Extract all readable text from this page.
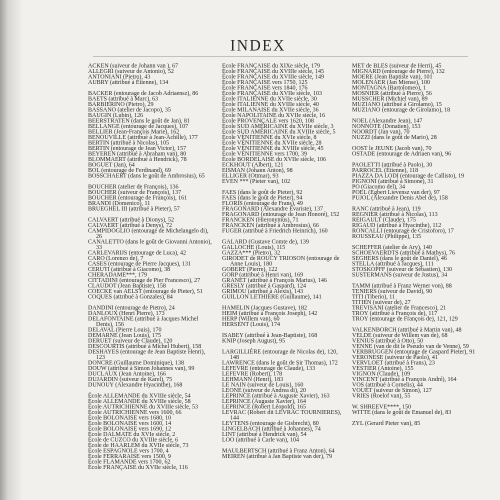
INDEX
ACKEN (suiveur de Johann van ), 67
ALLEGRI (suiveur de Antonio), 52
ANTONIANI (Pietro), 43
AUBRY (attribué à Étienne), 134
BACKER (entourage de Jacob Adriaensz), 86
BAETS (attribué à Marc), 63
BARBIERINO (Pietro), 29
BASSANO (atelier de Jacopo), 35
BAUGIN (Lubin), 126
BEERSTRATEN (dans le goût de Jan), 81
BELLANGE (entourage de Jacques), 107
BELLIER (Jean-François Marie), 162
BENOUVILLE (attribué à Jean-Achille), 177
BERTIN (attribué à Nicolas), 105
BERTIN (entourage de Jean Victor), 157
BEYEREN (attribué à Abraham van), 80
BLOMMAERT (attribué à Hendrick), 78
BOGUET (Jan), 64
BOL (entourage de Ferdinand), 69
BOSSCHAERT (dans le goût de Ambrosius), 65
BOUCHER (atelier de François), 136
BOUCHER (suiveur de François), 137
BOUCHER (entourage de François), 161
BRANDI (Domenico), 11
BRUEGHEL III (attribué à Pieter), 57
CALVAERT (attribué à Dionys), 52
CALVAERT (attribué à Denys), 72
CAMPIDOGLIO (entourage de Michelangelo di), 26
CANALETTO (dans le goût de Giovanni Antonio), 33
CARLEVARIJS (entourage de Luca), 42
CARO (Lorenzo de), 7
CASES (entourage de Pierre Jacques), 131
CERUTI (attribué à Giacomo), 38
CHERADAME***, 179
CITTADINI (entourage de Pier Francesco), 27
CLAUDOT (Jean Baptiste), 158
COECKE van AELST (entourage de Pieter), 51
COQUES (attribué à Gonzales), 84
DANDINI (entourage de Pietro), 24
DANLOUX (Henri Pierre), 173
DELAFONTAINE (attribué à Jacques Michel Denis), 156
DELAVAL (Pierre Louis), 170
DEMARNE (Jean Louis), 175
DERUET (suiveur de Claude), 120
DESCOURTIS (attribué à Michel Hubert), 158
DESHAYES (entourage de Jean Baptiste Henri), 123
DONCRE (Guillaume Dominique), 138
DOUW (attribué à Simon Johannes van), 99
DUCLAUX (Jean Antoine), 166
DUJARDIN (suiveur de Karel), 75
DUNOUY (Alexandre Hyacinthe), 168
École ALLEMANDE du XVIIIe siècle, 54
École ALLEMANDE du XVIIIe siècle, 58
École AUTRICHIENNE du XVIIIe siècle, 53
École AUTRICHIENNE vers 1600, 66
École BOLONAISE vers 1680, 10
École BOLONAISE vers 1600, 14
École BOLONAISE vers 1690, 12
École DALMATE du XVIe siècle, 2
École de CUZCO du XVIIIe siècle, 6
École de HAARLEM du XVIIe siècle, 73
École ESPAGNOLE vers 1700, 4
École FERRARAISE vers 1500, 9
École FLAMANDE vers 1700, 62
École FRANÇAISE du XVIIe siècle, 116
École FRANÇAISE du XIXe siècle, 179
École FRANÇAISE du XVIIIe siècle, 145
École FRANÇAISE du XVIIIe siècle, 149
École FRANÇAISE vers 1750, 125
École FRANÇAISE vers 1840, 176
École FRANÇAISE du XVIIe siècle, 103
École ITALIENNE du XVIIe siècle, 30
École ITALIENNE du XVIIIe siècle, 40
École MILANAISE du XVIIe siècle, 36
École NAPOLITAINE du XVIIe siècle, 16
École PROVENÇALE vers 1620, 108
École SUD AMÉRICAINE du XVIIe siècle, 3
École SUD AMÉRICAINE du XVIIIe siècle, 5
École VÉNITIENNE du XVIe siècle, 8
École VÉNITIENNE du XVIIe siècle, 28
École VÉNITIENNE du XVIIIe siècle, 45
École VÉNITIENNE vers 1700, 39
École BORDELAISE du XVIIe siècle, 106
ECKHOUT (Albert), 121
EISMAN (Johann Anton), 98
ELLIGER (Ottmar), 93
EVEN *** (Pieter van), 102
FAES (dans le goût de Pieter), 92
FAES (dans le goût de Pieter), 94
FLORIS (entourage de Frans), 49
FRAGONARD (Alexandre Évariste), 137
FRAGONARD (entourage de Jean Honoré), 152
FRANCKEN (Hieronymus), 71
FRANCKEN (attribué à Ambrosius), 66
FUGER (attribué à Friedrich Heinrich), 160
GALARD (Gustave Comte de), 139
GALLOCHE (Louis), 115
GAZZA*** (Pietro), 32
GIRODET de ROUCY TRIOSON (entourage de Anne Louis), 180
GOBERT (Pierre), 122
GORP (attribué à Henri van), 169
GRANET (attribué à François Marius), 146
GRESLY (attribué à Gaspard), 124
GRIMOU (attribué à Alexis), 143
GUILLON LETHIÈRE (Guillaume), 141
HAMELIN (Jacques Gustave), 182
HEIM (attribué à François Joseph), 142
HERP (Willem van), 60
HERSENT (Louis), 174
ISABEY (attribué à Jean-Baptiste), 168
KNIP (Joseph August), 95
LARGILLIÈRE (entourage de Nicolas de), 120, 148
LAWRENCE (dans le goût de Sir Thomas), 172
LEFEVRE (entourage de Claude), 133
LEFEVRE (Robert), 178
LEHMANN (Henri), 183
LE NAIN (suiveur de Louis), 160
LEONE (suiveur de Andrea di), 20
LEPRINCE (attribué à Auguste Xavier), 163
LEPRINCE (Auguste Xavier), 164
LEPRINCE (Robert Léopold), 165
LEVRAC (Robert dit LEVRAC TOURNIERES), 144
LEYTENS (entourage de Gisbrecht), 80
LINGELBACH (attribué à Johannes), 74
LINT (attribué à Hendrick van), 54
LOO (attribué à Carle van), 104
MAULBERTSCH (attribué à Franz Anton), 64
MEIREN (attribué à Jan Baptiste van der), 79
MET de BLES (suiveur de Herri), 45
MIGNARD (entourage de Pierre), 132
MOERE (Jean Baptiste van), 101
MOLENAER (Jan Miense), 100
MONTAGNA (Bartolomeo), 1
MOSNIER (attribué à Pierre), 56
MUSSCHER (Michiel van), 89
MUZIANO (attribué à Girolamo), 15
MUZIANO (entourage de Girolamo), 18
NOEL (Alexandre Jean), 147
NONNOTE (Donatien), 153
NOORDT (Jan van), 70
NUZZI (dans le goût de Mario), 28
OOST le JEUNE (Jacob van), 70
OSTADE (entourage de Adriaen van), 96
PAOLETTI (attribué à Paolo), 30
PARROCEL (Étienne), 118
PIAZZA DA LODI (entourage de Callisto), 19
PIGNONI (attribué à Simone), 31
PO (Giacomo del), 34
POEL (Egbert Lievensz van der), 97
PUJOL (Alexandre Denis Abel de), 158
RANC (attribué à Jean), 119
REGNIER (attribué à Nicolas), 113
REIGAULT (Claude), 175
RIGAUD (attribué à Hyacinthe), 112
RONCALLI (entourage de Cristoforo), 17
ROUSSEAU (Philippe), 135
SCHEFFER (atelier de Ary), 140
SCHOEVAERDTS (attribué à Mathys), 76
SEGHERS (dans le goût de Daniel), 46
STELLA (attribué à Jacques), 111
STOSKOPFF (suiveur de Sébastien), 130
SUSTERMANS (suiveur de Justus), 34
TAMM (attribué à Franz Werner von), 88
TENIERS (suiveur de David), 90
TITI (Tiberio), 11
TITIEN (suiveur de), 27
TREVISANI (atelier de Francesco), 21
TROY (attribué à François de), 117
TROY (entourage de François de), 121, 129
VALKENBORCH (attribué à Martin van), 48
VELDE (suiveur de Willem van de), 68
VENIUS (attribué à Otto), 50
VENNE (van de dit le Pseudo van de Venne), 59
VERBRUGGEN (entourage de Gaspard Pieter), 91
VERONESE (suiveur de Paolo), 41
VERVLOET (attribué à Frans), 23
VESTIER (Antoine), 155
VIGNON (Claude), 109
VINCENT (attribué à François André), 164
VOS (attribué à Cornelis), 44
VOUET (suiveur de Simon), 127
VRIES (Roelof van), 55
W. SHREEVE****, 150
WITTE (dans le goût de Emanuel de), 83
ZYL (Gerard Pieter van), 85
